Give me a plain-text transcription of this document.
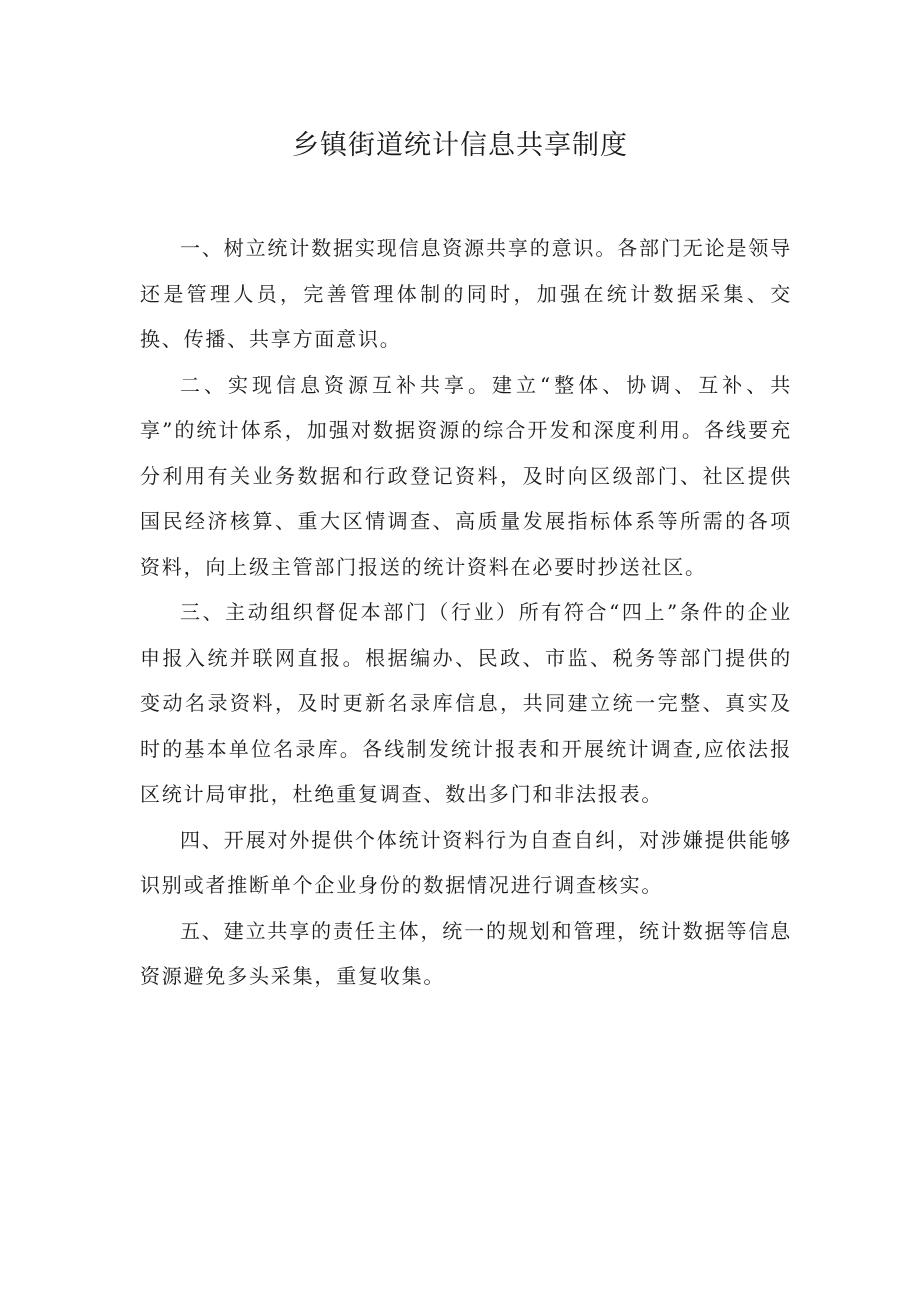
乡镇街道统计信息共享制度

一、树立统计数据实现信息资源共享的意识。各部门无论是领导还是管理人员，完善管理体制的同时，加强在统计数据采集、交换、传播、共享方面意识。

二、实现信息资源互补共享。建立“整体、协调、互补、共享”的统计体系，加强对数据资源的综合开发和深度利用。各线要充分利用有关业务数据和行政登记资料，及时向区级部门、社区提供国民经济核算、重大区情调查、高质量发展指标体系等所需的各项资料，向上级主管部门报送的统计资料在必要时抄送社区。

三、主动组织督促本部门（行业）所有符合“四上”条件的企业申报入统并联网直报。根据编办、民政、市监、税务等部门提供的变动名录资料，及时更新名录库信息，共同建立统一完整、真实及时的基本单位名录库。各线制发统计报表和开展统计调查,应依法报区统计局审批，杜绝重复调查、数出多门和非法报表。

四、开展对外提供个体统计资料行为自查自纠，对涉嫌提供能够识别或者推断单个企业身份的数据情况进行调查核实。

五、建立共享的责任主体，统一的规划和管理，统计数据等信息资源避免多头采集，重复收集。
